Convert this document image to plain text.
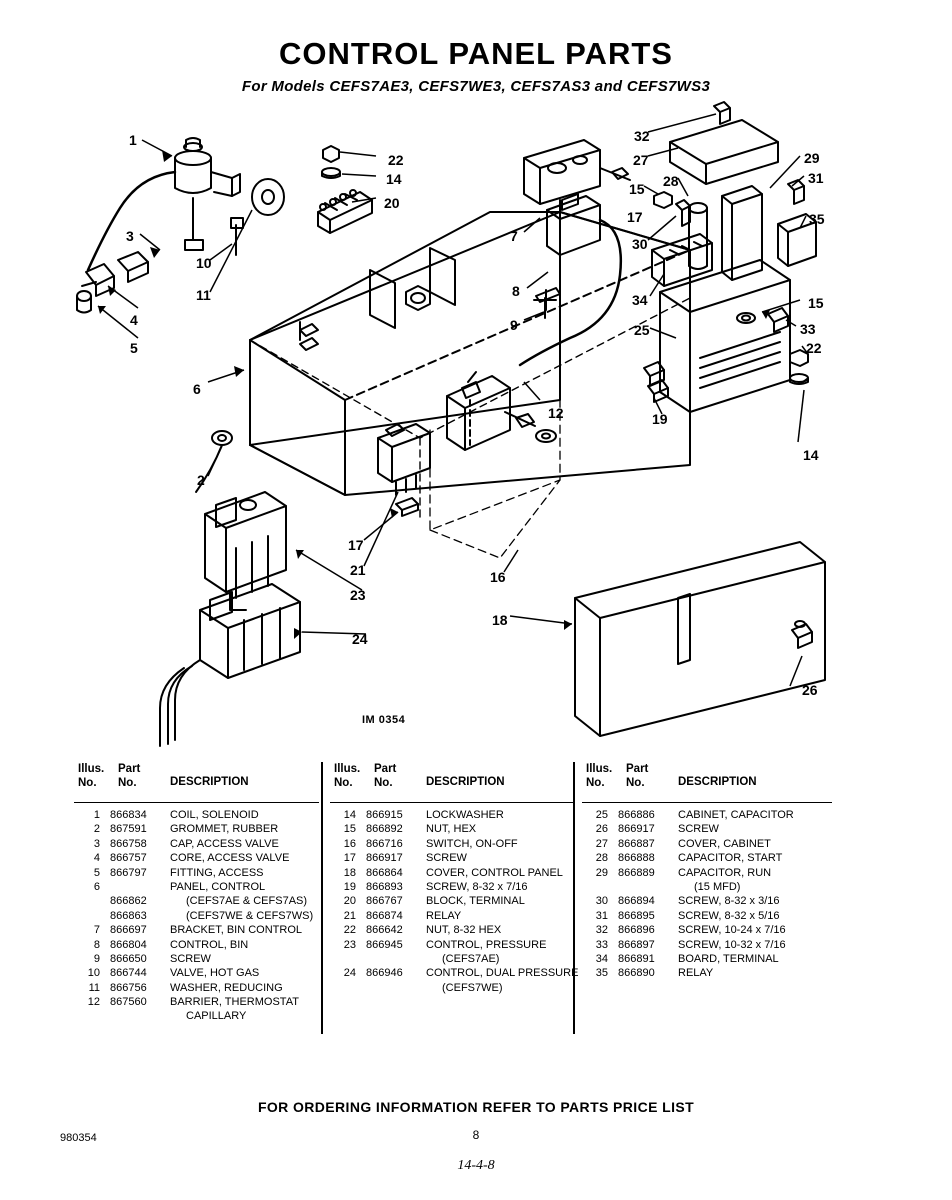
CONTROL PANEL PARTS
For Models CEFS7AE3, CEFS7WE3, CEFS7AS3 and CEFS7WS3
IM 0354
1
2
3
4
5
6
7
8
9
10
11
12
14
15
16
17
17
18
19
20
21
22
22
23
24
25
26
27
28
29
30
31
32
33
34
35
15
14
Illus.
No.
Part
No.	DESCRIPTION
1 866834	COIL, SOLENOID
2 867591	GROMMET, RUBBER
3 866758	CAP, ACCESS VALVE
4 866757	CORE, ACCESS VALVE
5 866797	FITTING, ACCESS
6	PANEL, CONTROL
866862	(CEFS7AE & CEFS7AS)
866863	(CEFS7WE & CEFS7WS)
7 866697	BRACKET, BIN CONTROL
8 866804	CONTROL, BIN
9 866650	SCREW
10 866744	VALVE, HOT GAS
11 866756	WASHER, REDUCING
12 867560	BARRIER, THERMOSTAT
CAPILLARY
Illus.
No.
Part
No.	DESCRIPTION
14 866915	LOCKWASHER
15 866892	NUT, HEX
16 866716	SWITCH, ON-OFF
17 866917	SCREW
18 866864	COVER, CONTROL PANEL
19 866893	SCREW, 8-32 x 7/16
20 866767	BLOCK, TERMINAL
21 866874	RELAY
22 866642	NUT, 8-32 HEX
23 866945	CONTROL, PRESSURE
(CEFS7AE)
24 866946	CONTROL, DUAL PRESSURE
(CEFS7WE)
Illus.
No.
Part
No.	DESCRIPTION
25 866886	CABINET, CAPACITOR
26 866917	SCREW
27 866887	COVER, CABINET
28 866888	CAPACITOR, START
29 866889	CAPACITOR, RUN
(15 MFD)
30 866894	SCREW, 8-32 x 3/16
31 866895	SCREW, 8-32 x 5/16
32 866896	SCREW, 10-24 x 7/16
33 866897	SCREW, 10-32 x 7/16
34 866891	BOARD, TERMINAL
35 866890	RELAY
FOR ORDERING INFORMATION REFER TO PARTS PRICE LIST
980354	8
14-4-8
